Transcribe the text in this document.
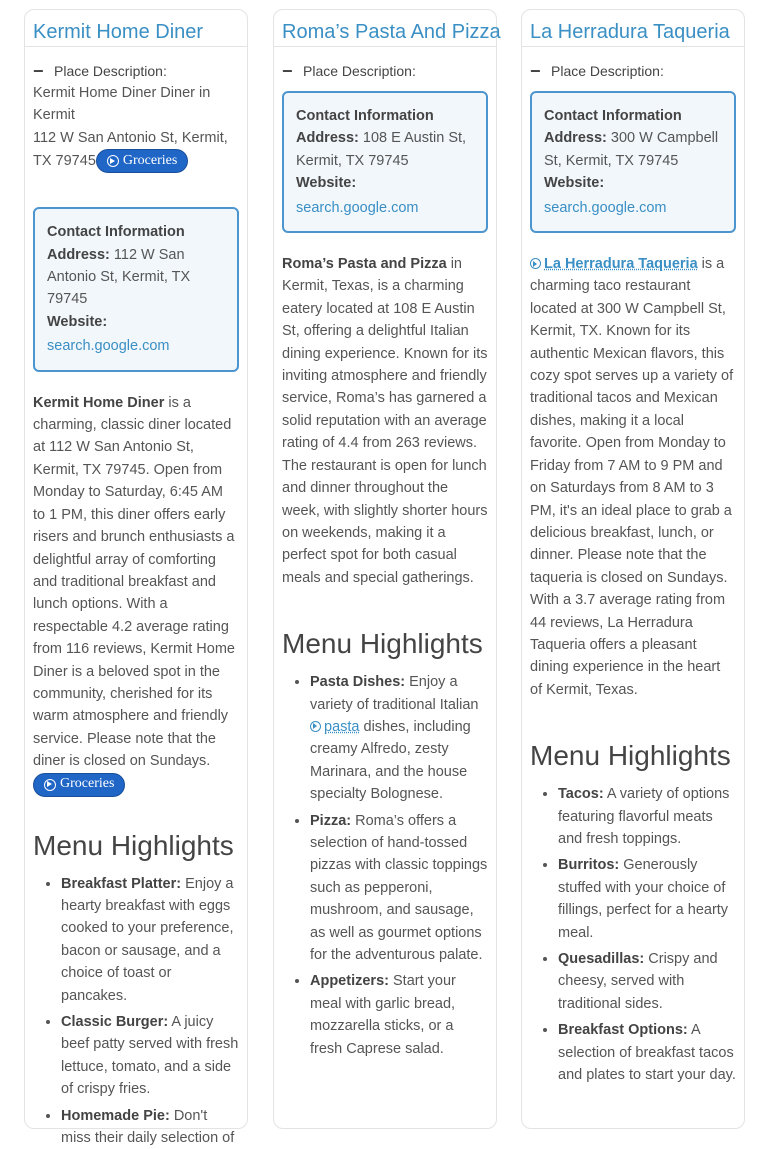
Kermit Home Diner
− Place Description:
Kermit Home Diner Diner in Kermit
112 W San Antonio St, Kermit, TX 79745 Groceries
Contact Information
Address: 112 W San Antonio St, Kermit, TX 79745
Website:
search.google.com
Kermit Home Diner is a charming, classic diner located at 112 W San Antonio St, Kermit, TX 79745. Open from Monday to Saturday, 6:45 AM to 1 PM, this diner offers early risers and brunch enthusiasts a delightful array of comforting and traditional breakfast and lunch options. With a respectable 4.2 average rating from 116 reviews, Kermit Home Diner is a beloved spot in the community, cherished for its warm atmosphere and friendly service. Please note that the diner is closed on Sundays.
Groceries
Menu Highlights
• Breakfast Platter: Enjoy a hearty breakfast with eggs cooked to your preference, bacon or sausage, and a choice of toast or pancakes.
• Classic Burger: A juicy beef patty served with fresh lettuce, tomato, and a side of crispy fries.
• Homemade Pie: Don't miss their daily selection of
Roma’s Pasta And Pizza
− Place Description:
Contact Information
Address: 108 E Austin St, Kermit, TX 79745
Website:
search.google.com
Roma’s Pasta and Pizza in Kermit, Texas, is a charming eatery located at 108 E Austin St, offering a delightful Italian dining experience. Known for its inviting atmosphere and friendly service, Roma’s has garnered a solid reputation with an average rating of 4.4 from 263 reviews. The restaurant is open for lunch and dinner throughout the week, with slightly shorter hours on weekends, making it a perfect spot for both casual meals and special gatherings.
Menu Highlights
• Pasta Dishes: Enjoy a variety of traditional Italian pasta dishes, including creamy Alfredo, zesty Marinara, and the house specialty Bolognese.
• Pizza: Roma’s offers a selection of hand-tossed pizzas with classic toppings such as pepperoni, mushroom, and sausage, as well as gourmet options for the adventurous palate.
• Appetizers: Start your meal with garlic bread, mozzarella sticks, or a fresh Caprese salad.
La Herradura Taqueria
− Place Description:
Contact Information
Address: 300 W Campbell St, Kermit, TX 79745
Website:
search.google.com
La Herradura Taqueria is a charming taco restaurant located at 300 W Campbell St, Kermit, TX. Known for its authentic Mexican flavors, this cozy spot serves up a variety of traditional tacos and Mexican dishes, making it a local favorite. Open from Monday to Friday from 7 AM to 9 PM and on Saturdays from 8 AM to 3 PM, it's an ideal place to grab a delicious breakfast, lunch, or dinner. Please note that the taqueria is closed on Sundays. With a 3.7 average rating from 44 reviews, La Herradura Taqueria offers a pleasant dining experience in the heart of Kermit, Texas.
Menu Highlights
• Tacos: A variety of options featuring flavorful meats and fresh toppings.
• Burritos: Generously stuffed with your choice of fillings, perfect for a hearty meal.
• Quesadillas: Crispy and cheesy, served with traditional sides.
• Breakfast Options: A selection of breakfast tacos and plates to start your day.
